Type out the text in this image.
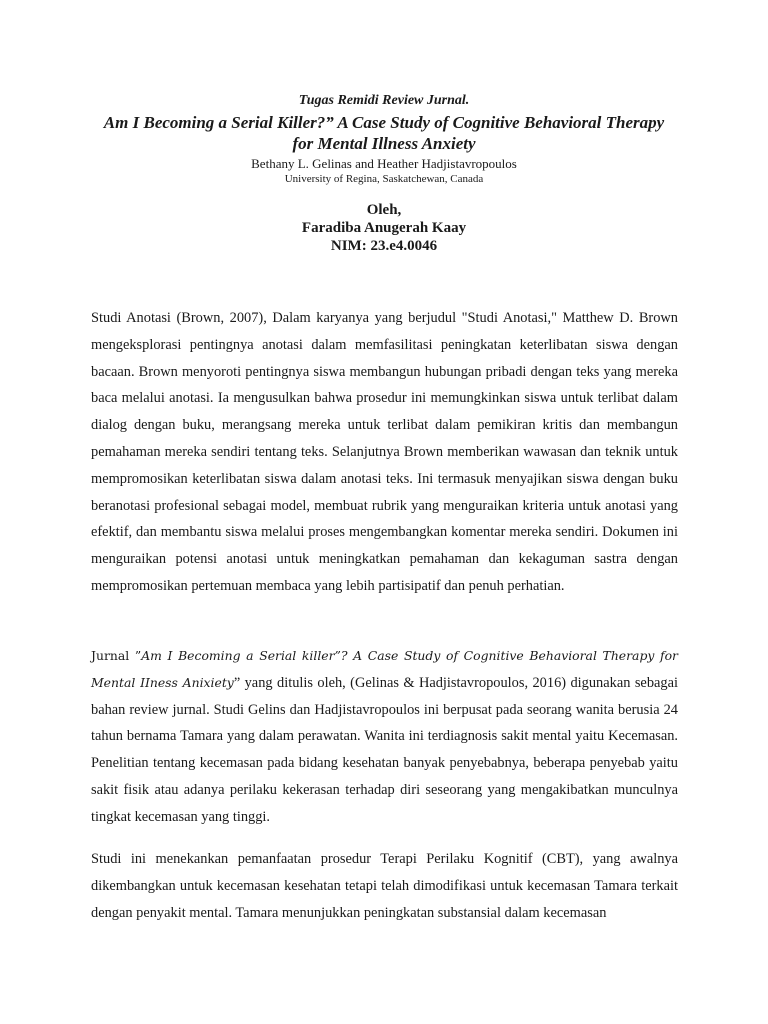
Tugas Remidi Review Jurnal.

Am I Becoming a Serial Killer?” A Case Study of Cognitive Behavioral Therapy

for Mental Illness Anxiety

Bethany L. Gelinas and Heather Hadjistavropoulos

University of Regina, Saskatchewan, Canada

Oleh,
Faradiba Anugerah Kaay
NIM: 23.e4.0046

Studi Anotasi (Brown, 2007), Dalam karyanya yang berjudul "Studi Anotasi," Matthew D. Brown mengeksplorasi pentingnya anotasi dalam memfasilitasi peningkatan keterlibatan siswa dengan bacaan. Brown menyoroti pentingnya siswa membangun hubungan pribadi dengan teks yang mereka baca melalui anotasi. Ia mengusulkan bahwa prosedur ini memungkinkan siswa untuk terlibat dalam dialog dengan buku, merangsang mereka untuk terlibat dalam pemikiran kritis dan membangun pemahaman mereka sendiri tentang teks. Selanjutnya Brown memberikan wawasan dan teknik untuk mempromosikan keterlibatan siswa dalam anotasi teks. Ini termasuk menyajikan siswa dengan buku beranotasi profesional sebagai model, membuat rubrik yang menguraikan kriteria untuk anotasi yang efektif, dan membantu siswa melalui proses mengembangkan komentar mereka sendiri. Dokumen ini menguraikan potensi anotasi untuk meningkatkan pemahaman dan kekaguman sastra dengan mempromosikan pertemuan membaca yang lebih partisipatif dan penuh perhatian.

Jurnal ”Am I Becoming a Serial killer”? A Case Study of Cognitive Behavioral Therapy for Mental IIness Anixiety” yang ditulis oleh, (Gelinas & Hadjistavropoulos, 2016) digunakan sebagai bahan review jurnal. Studi Gelins dan Hadjistavropoulos ini berpusat pada seorang wanita berusia 24 tahun bernama Tamara yang dalam perawatan. Wanita ini terdiagnosis sakit mental yaitu Kecemasan. Penelitian tentang kecemasan pada bidang kesehatan banyak penyebabnya, beberapa penyebab yaitu sakit fisik atau adanya perilaku kekerasan terhadap diri seseorang yang mengakibatkan munculnya tingkat kecemasan yang tinggi.

Studi ini menekankan pemanfaatan prosedur Terapi Perilaku Kognitif (CBT), yang awalnya dikembangkan untuk kecemasan kesehatan tetapi telah dimodifikasi untuk kecemasan Tamara terkait dengan penyakit mental. Tamara menunjukkan peningkatan substansial dalam kecemasan
